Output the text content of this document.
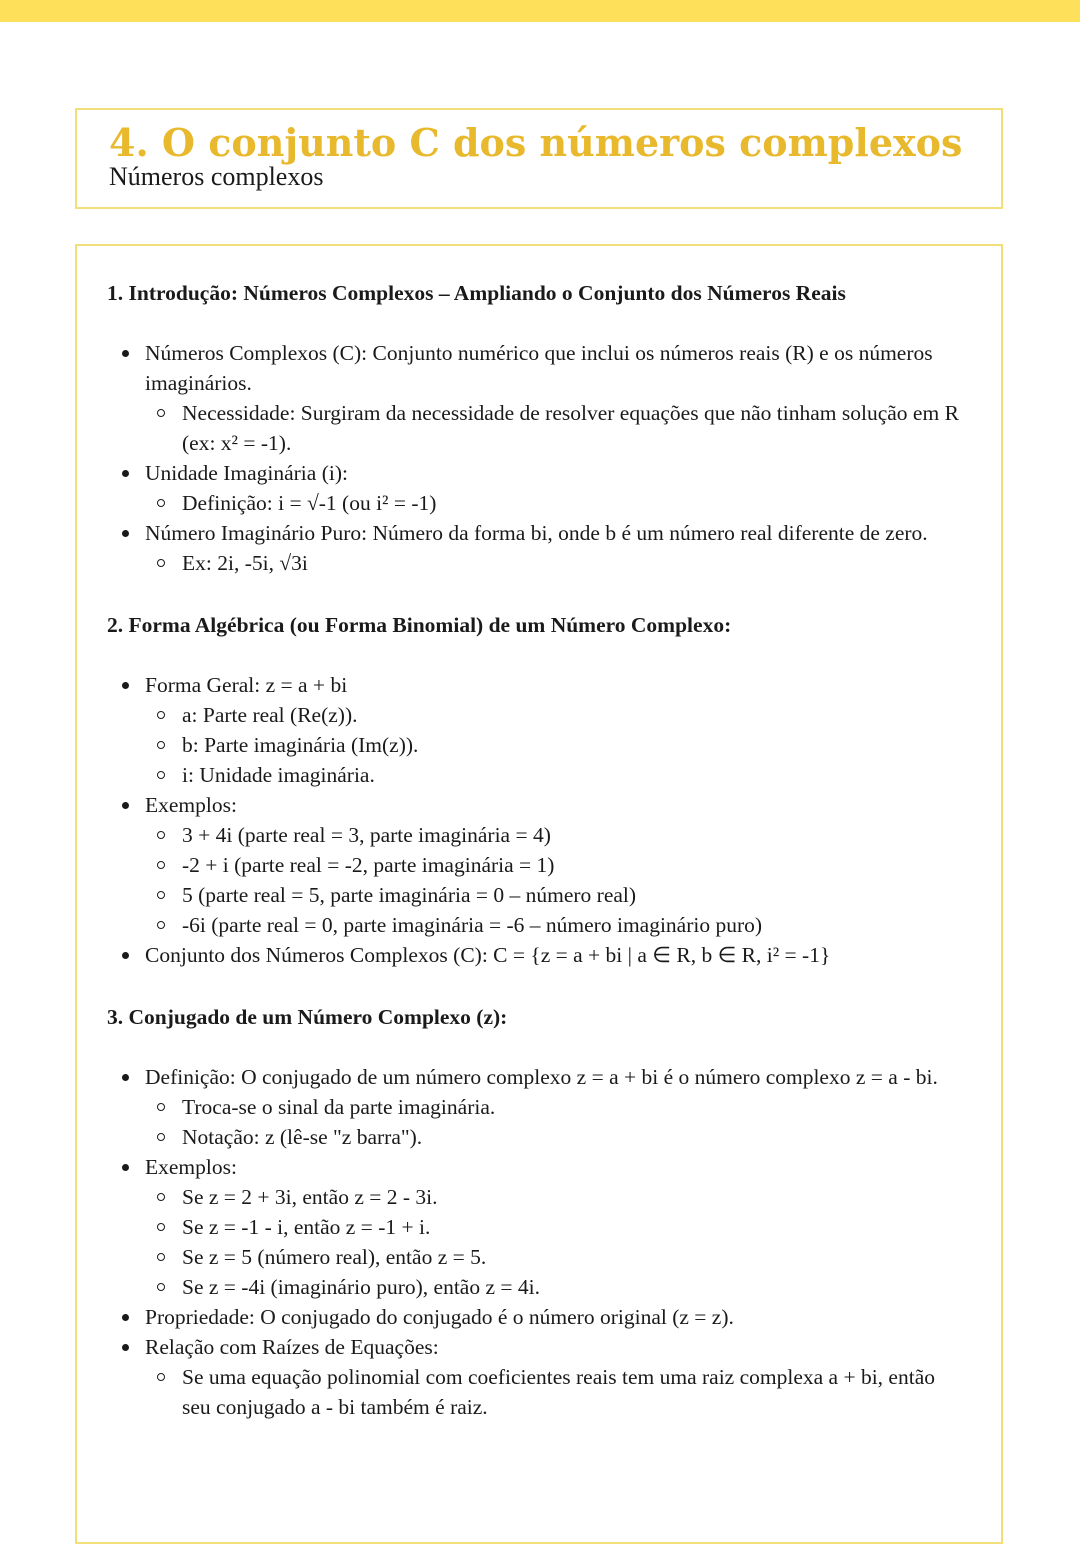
4. O conjunto C dos números complexos
Números complexos
1. Introdução: Números Complexos – Ampliando o Conjunto dos Números Reais
Números Complexos (C): Conjunto numérico que inclui os números reais (R) e os números imaginários.
Necessidade: Surgiram da necessidade de resolver equações que não tinham solução em R (ex: x² = -1).
Unidade Imaginária (i):
Definição: i = √-1 (ou i² = -1)
Número Imaginário Puro: Número da forma bi, onde b é um número real diferente de zero.
Ex: 2i, -5i, √3i
2. Forma Algébrica (ou Forma Binomial) de um Número Complexo:
Forma Geral: z = a + bi
a: Parte real (Re(z)).
b: Parte imaginária (Im(z)).
i: Unidade imaginária.
Exemplos:
3 + 4i (parte real = 3, parte imaginária = 4)
-2 + i (parte real = -2, parte imaginária = 1)
5 (parte real = 5, parte imaginária = 0 – número real)
-6i (parte real = 0, parte imaginária = -6 – número imaginário puro)
Conjunto dos Números Complexos (C): C = {z = a + bi | a ∈ R, b ∈ R, i² = -1}
3. Conjugado de um Número Complexo (z):
Definição: O conjugado de um número complexo z = a + bi é o número complexo z = a - bi.
Troca-se o sinal da parte imaginária.
Notação: z (lê-se "z barra").
Exemplos:
Se z = 2 + 3i, então z = 2 - 3i.
Se z = -1 - i, então z = -1 + i.
Se z = 5 (número real), então z = 5.
Se z = -4i (imaginário puro), então z = 4i.
Propriedade: O conjugado do conjugado é o número original (z = z).
Relação com Raízes de Equações:
Se uma equação polinomial com coeficientes reais tem uma raiz complexa a + bi, então seu conjugado a - bi também é raiz.
